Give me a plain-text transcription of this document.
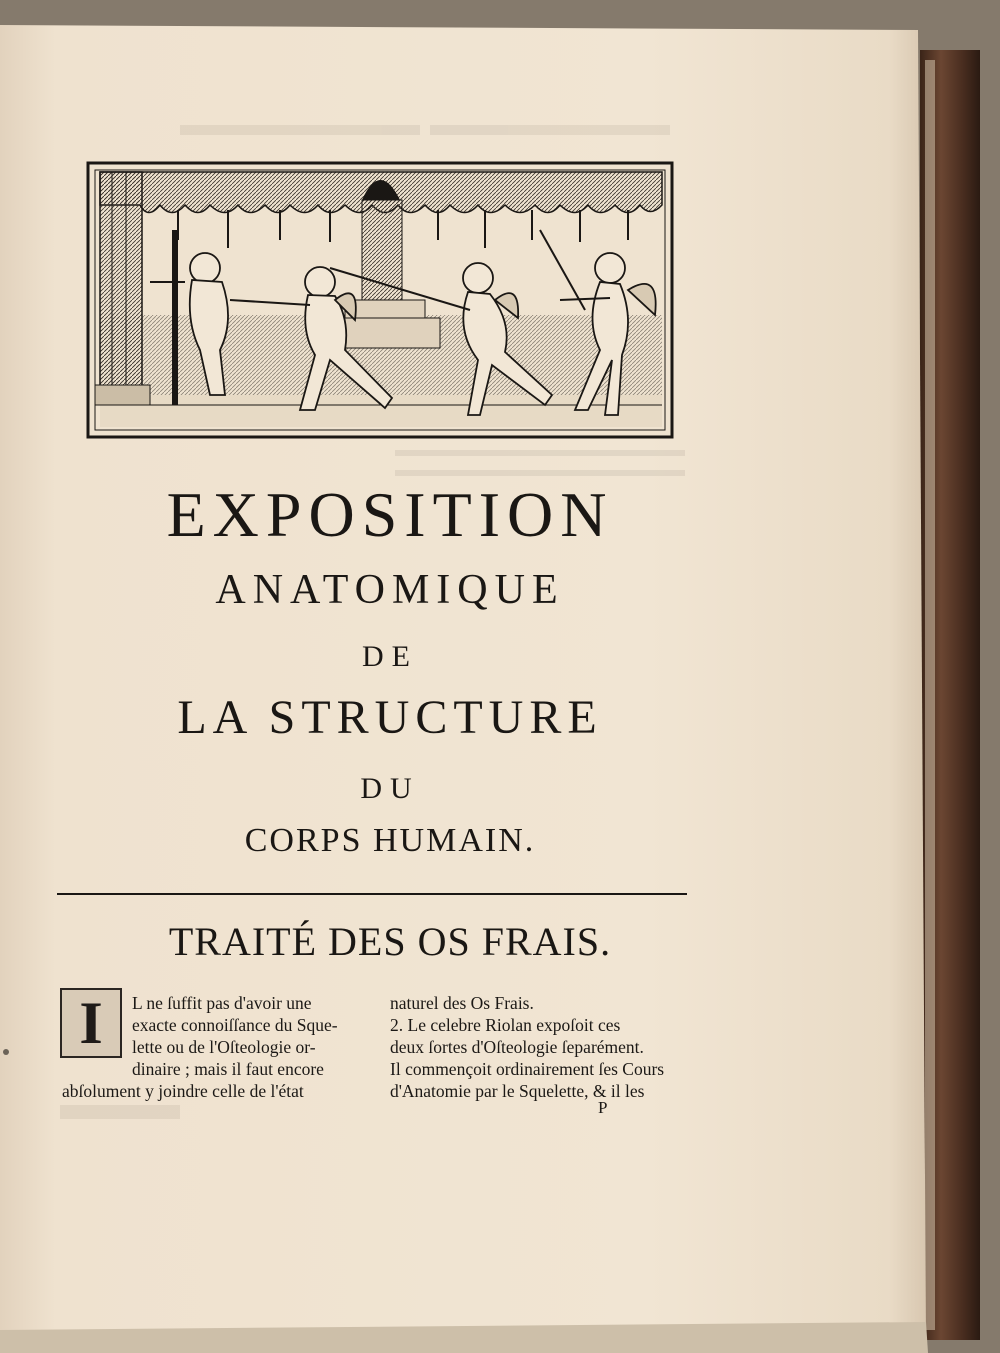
EXPOSITION
ANATOMIQUE
DE
LA STRUCTURE
DU
CORPS HUMAIN.
TRAITÉ DES OS FRAIS.
I	L ne ſuffit pas d'avoir une
exacte connoiſſance du Sque-
lette ou de l'Oſteologie or-
dinaire ; mais il faut encore
abſolument y joindre celle de l'état
naturel des Os Frais.
2. Le celebre Riolan expoſoit ces
deux ſortes d'Oſteologie ſeparément.
Il commençoit ordinairement ſes Cours
d'Anatomie par le Squelette, & il les
P
